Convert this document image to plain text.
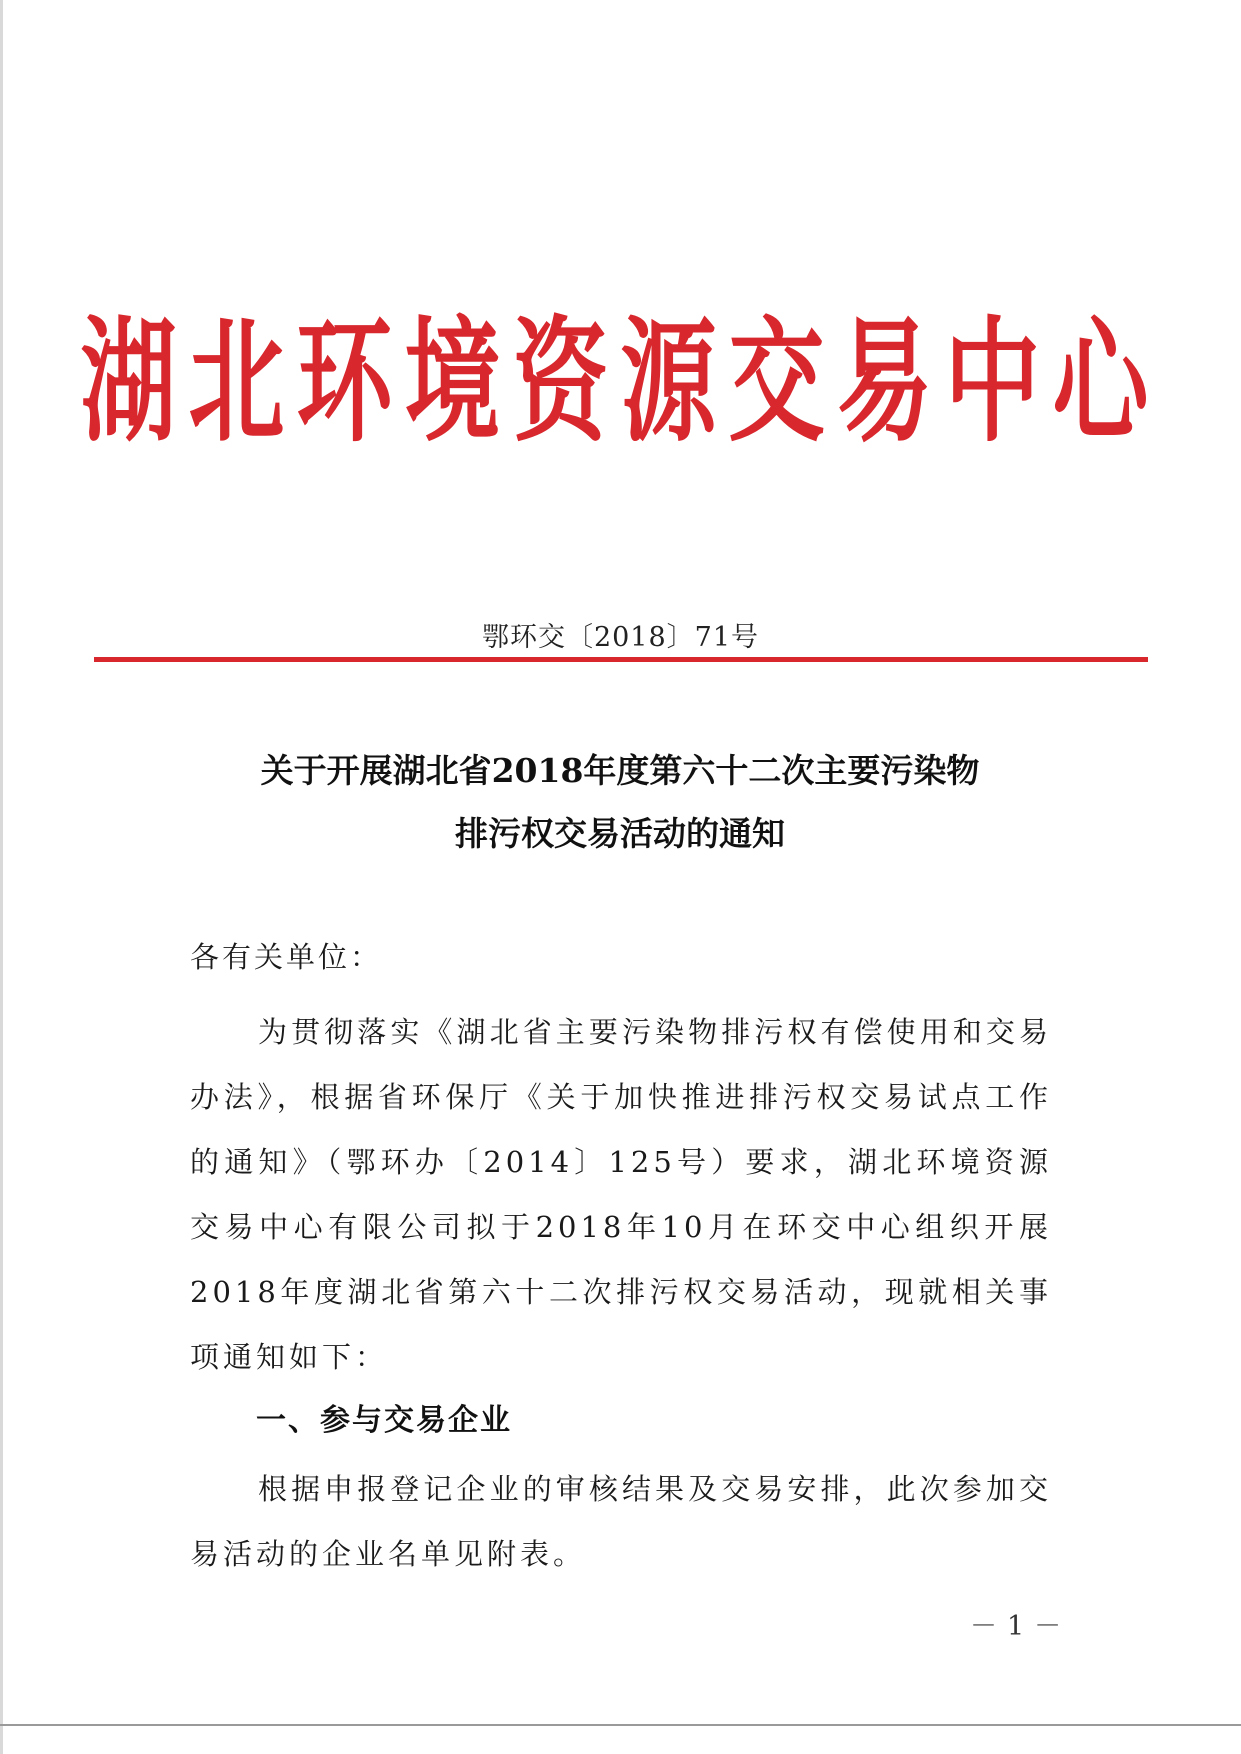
湖北环境资源交易中心
鄂环交〔2018〕71号
关于开展湖北省2018年度第六十二次主要污染物
排污权交易活动的通知
各有关单位：
为贯彻落实《湖北省主要污染物排污权有偿使用和交易办法》，根据省环保厅《关于加快推进排污权交易试点工作的通知》（鄂环办〔2014〕125号）要求，湖北环境资源交易中心有限公司拟于2018年10月在环交中心组织开展2018年度湖北省第六十二次排污权交易活动，现就相关事项通知如下：
一、参与交易企业
根据申报登记企业的审核结果及交易安排，此次参加交易活动的企业名单见附表。
－1－
